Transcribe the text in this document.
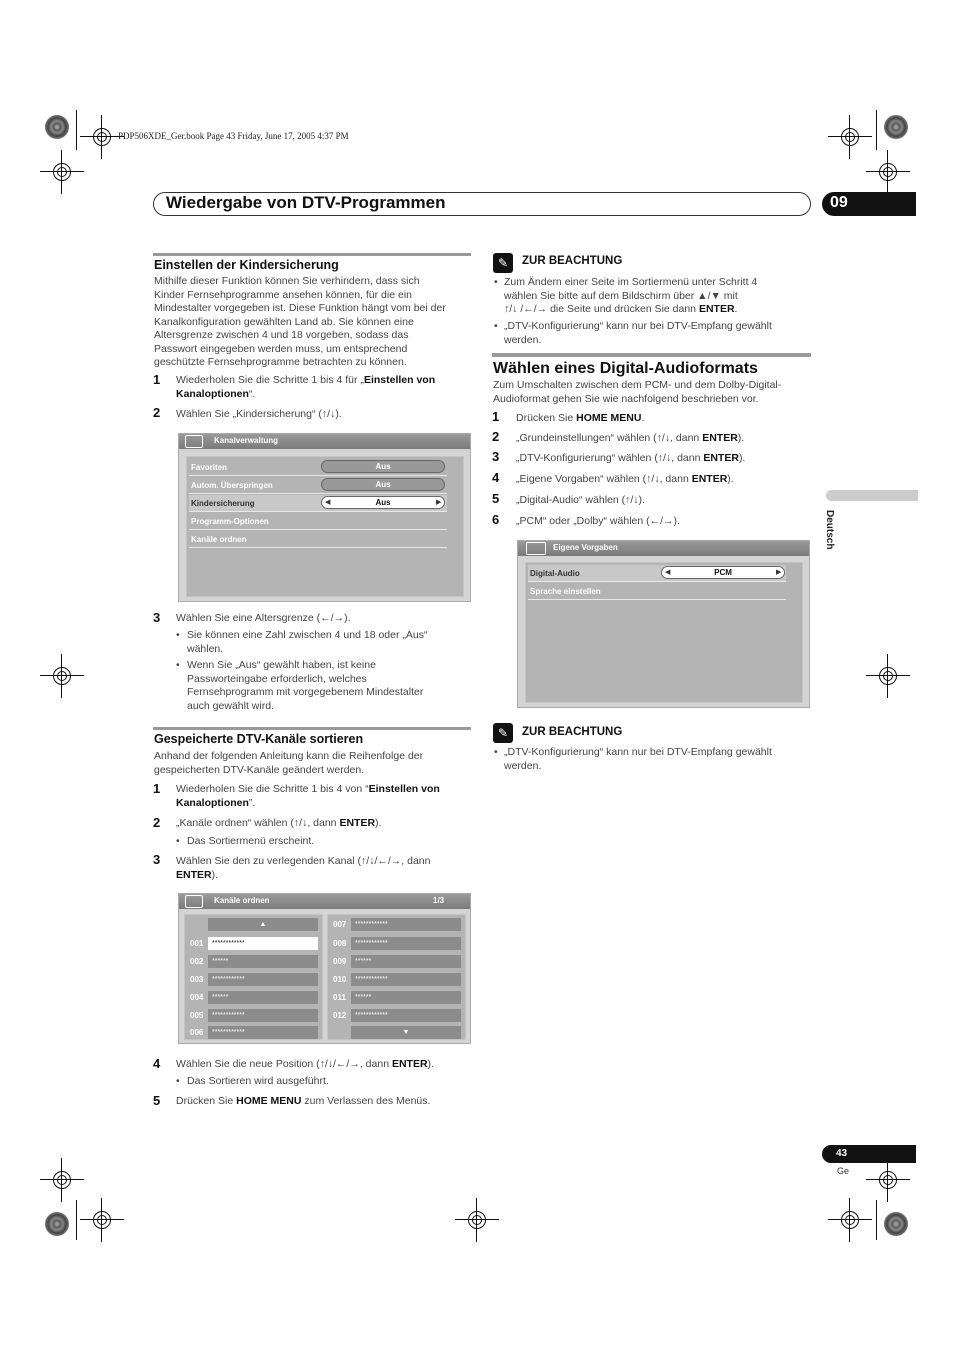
PDP506XDE_Ger.book Page 43 Friday, June 17, 2005 4:37 PM
Wiedergabe von DTV-Programmen	09
Deutsch
Einstellen der Kindersicherung
Mithilfe dieser Funktion können Sie verhindern, dass sich
Kinder Fernsehprogramme ansehen können, für die ein
Mindestalter vorgegeben ist. Diese Funktion hängt vom bei der
Kanalkonfiguration gewählten Land ab. Sie können eine
Altersgrenze zwischen 4 und 18 vorgeben, sodass das
Passwort eingegeben werden muss, um entsprechend
geschützte Fernsehprogramme betrachten zu können.
1 Wiederholen Sie die Schritte 1 bis 4 für „Einstellen von
Kanaloptionen“.
2 Wählen Sie „Kindersicherung“ (↑/↓).
Kanalverwaltung
Favoriten	Aus
Autom. Überspringen	Aus
Kindersicherung	Aus
◀	▶
Programm-Optionen
Kanäle ordnen
3 Wählen Sie eine Altersgrenze (←/→).
• Sie können eine Zahl zwischen 4 und 18 oder „Aus“
wählen.
• Wenn Sie „Aus“ gewählt haben, ist keine
Passworteingabe erforderlich, welches
Fernsehprogramm mit vorgegebenem Mindestalter
auch gewählt wird.
Gespeicherte DTV-Kanäle sortieren
Anhand der folgenden Anleitung kann die Reihenfolge der
gespeicherten DTV-Kanäle geändert werden.
1 Wiederholen Sie die Schritte 1 bis 4 von “Einstellen von
Kanaloptionen”.
2 „Kanäle ordnen“ wählen (↑/↓, dann ENTER).
• Das Sortiermenü erscheint.
3 Wählen Sie den zu verlegenden Kanal (↑/↓/←/→, dann
ENTER).
Kanäle ordnen	1/3
▲
001	************
002	******
003	************
004	******
005	************
006	************
007	************
008	************
009	******
010	************
011	******
012	************
▼
4 Wählen Sie die neue Position (↑/↓/←/→, dann ENTER).
• Das Sortieren wird ausgeführt.
5 Drücken Sie HOME MENU zum Verlassen des Menüs.
✎	ZUR BEACHTUNG
• Zum Ändern einer Seite im Sortiermenü unter Schritt 4
wählen Sie bitte auf dem Bildschirm über ▲/▼ mit
↑/↓ /←/→ die Seite und drücken Sie dann ENTER.
• „DTV-Konfigurierung“ kann nur bei DTV-Empfang gewählt
werden.
Wählen eines Digital-Audioformats
Zum Umschalten zwischen dem PCM- und dem Dolby-Digital-
Audioformat gehen Sie wie nachfolgend beschrieben vor.
1 Drücken Sie HOME MENU.
2 „Grundeinstellungen“ wählen (↑/↓, dann ENTER).
3 „DTV-Konfigurierung“ wählen (↑/↓, dann ENTER).
4 „Eigene Vorgaben“ wählen (↑/↓, dann ENTER).
5 „Digital-Audio“ wählen (↑/↓).
6 „PCM“ oder „Dolby“ wählen (←/→).
Eigene Vorgaben
Digital-Audio	PCM
◀	▶
Sprache einstellen
✎	ZUR BEACHTUNG
• „DTV-Konfigurierung“ kann nur bei DTV-Empfang gewählt
werden.
43
Ge
